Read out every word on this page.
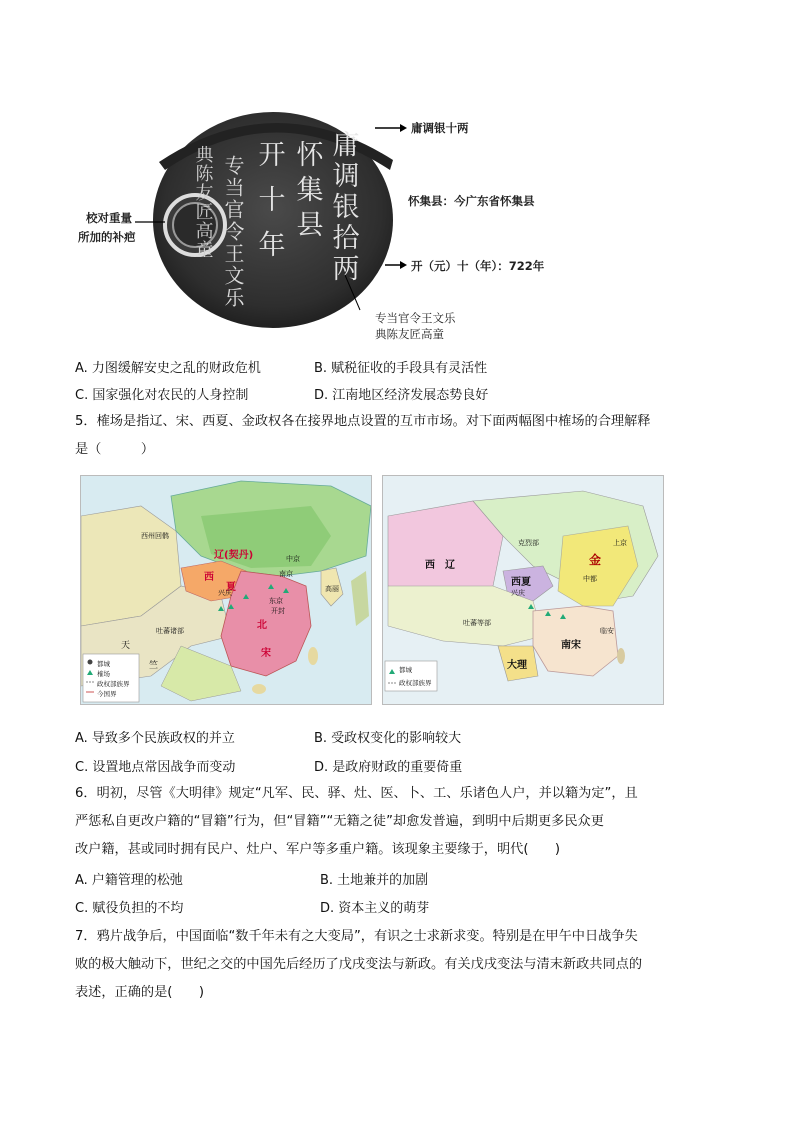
庸调银拾两
怀集县
开十年
专当官令王文乐
典陈友匠高童
校对重量
所加的补疤
庸调银十两
怀集县：今广东省怀集县
开（元）十（年）：722年
专当官令王文乐
典陈友匠高童
A. 力图缓解安史之乱的财政危机	B. 赋税征收的手段具有灵活性
C. 国家强化对农民的人身控制	D. 江南地区经济发展态势良好
5．榷场是指辽、宋、西夏、金政权各在接界地点设置的互市市场。对下面两幅图中榷场的合理解释
是（　　　）
辽(契丹)
西
夏
北
宋
中京
南京
东京
开封
兴庆
吐蕃诸部
西州回鹘
高丽
天
竺
都城
榷场
政权部族界
今国界
西　辽	金
西夏
南宋
大理
上京
中都
临安
兴庆
吐蕃等部
克烈部
都城
政权部族界
A. 导致多个民族政权的并立	B. 受政权变化的影响较大
C. 设置地点常因战争而变动	D. 是政府财政的重要倚重
6．明初，尽管《大明律》规定“凡军、民、驿、灶、医、卜、工、乐诸色人户，并以籍为定”，且
严惩私自更改户籍的“冒籍”行为，但“冒籍”“无籍之徒”却愈发普遍，到明中后期更多民众更
改户籍，甚或同时拥有民户、灶户、军户等多重户籍。该现象主要缘于，明代(　　)
A. 户籍管理的松弛	B. 土地兼并的加剧
C. 赋役负担的不均	D. 资本主义的萌芽
7．鸦片战争后，中国面临“数千年未有之大变局”，有识之士求新求变。特别是在甲午中日战争失
败的极大触动下，世纪之交的中国先后经历了戊戌变法与新政。有关戊戌变法与清末新政共同点的
表述，正确的是(　　)
